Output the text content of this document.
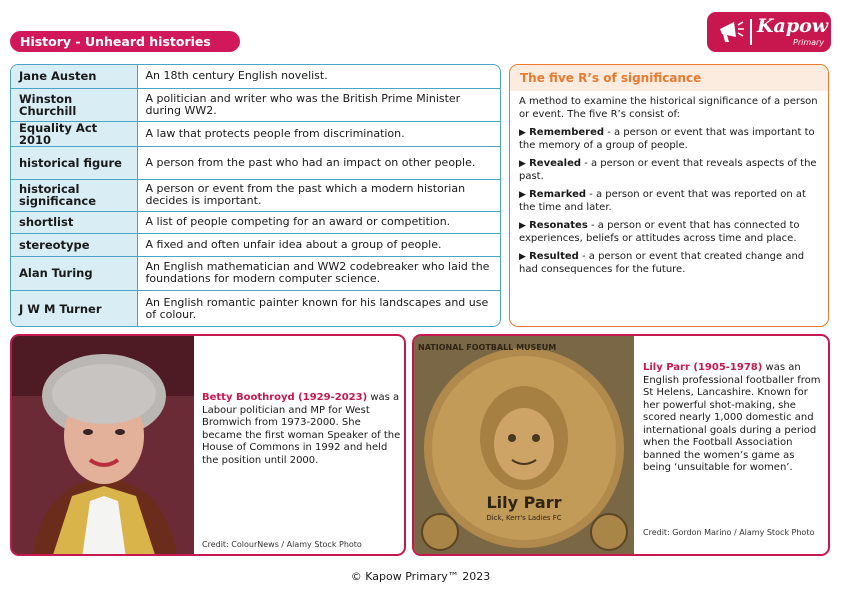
History - Unheard histories
Kapow
Primary
Jane Austen	An 18th century English novelist.
Winston Churchill	A politician and writer who was the British Prime Minister during WW2.
Equality Act 2010	A law that protects people from discrimination.
historical figure	A person from the past who had an impact on other people.
historical significance	A person or event from the past which a modern historian decides is important.
shortlist	A list of people competing for an award or competition.
stereotype	A fixed and often unfair idea about a group of people.
Alan Turing	An English mathematician and WW2 codebreaker who laid the foundations for modern computer science.
J W M Turner	An English romantic painter known for his landscapes and use of colour.
The five R’s of significance

A method to examine the historical significance of a person or event. The five R’s consist of:

▶ Remembered - a person or event that was important to the memory of a group of people.

▶ Revealed - a person or event that reveals aspects of the past.

▶ Remarked - a person or event that was reported on at the time and later.

▶ Resonates - a person or event that has connected to experiences, beliefs or attitudes across time and place.

▶ Resulted - a person or event that created change and had consequences for the future.

Betty Boothroyd (1929-2023) was a Labour politician and MP for West Bromwich from 1973-2000. She became the first woman Speaker of the House of Commons in 1992 and held the position until 2000.
Credit: ColourNews / Alamy Stock Photo
NATIONAL FOOTBALL MUSEUM
Lily Parr
Dick, Kerr's Ladies FC
Lily Parr (1905-1978) was an English professional footballer from St Helens, Lancashire. Known for her powerful shot-making, she scored nearly 1,000 domestic and international goals during a period when the Football Association banned the women’s game as being ‘unsuitable for women’.
Credit: Gordon Marino / Alamy Stock Photo
© Kapow Primary™ 2023
